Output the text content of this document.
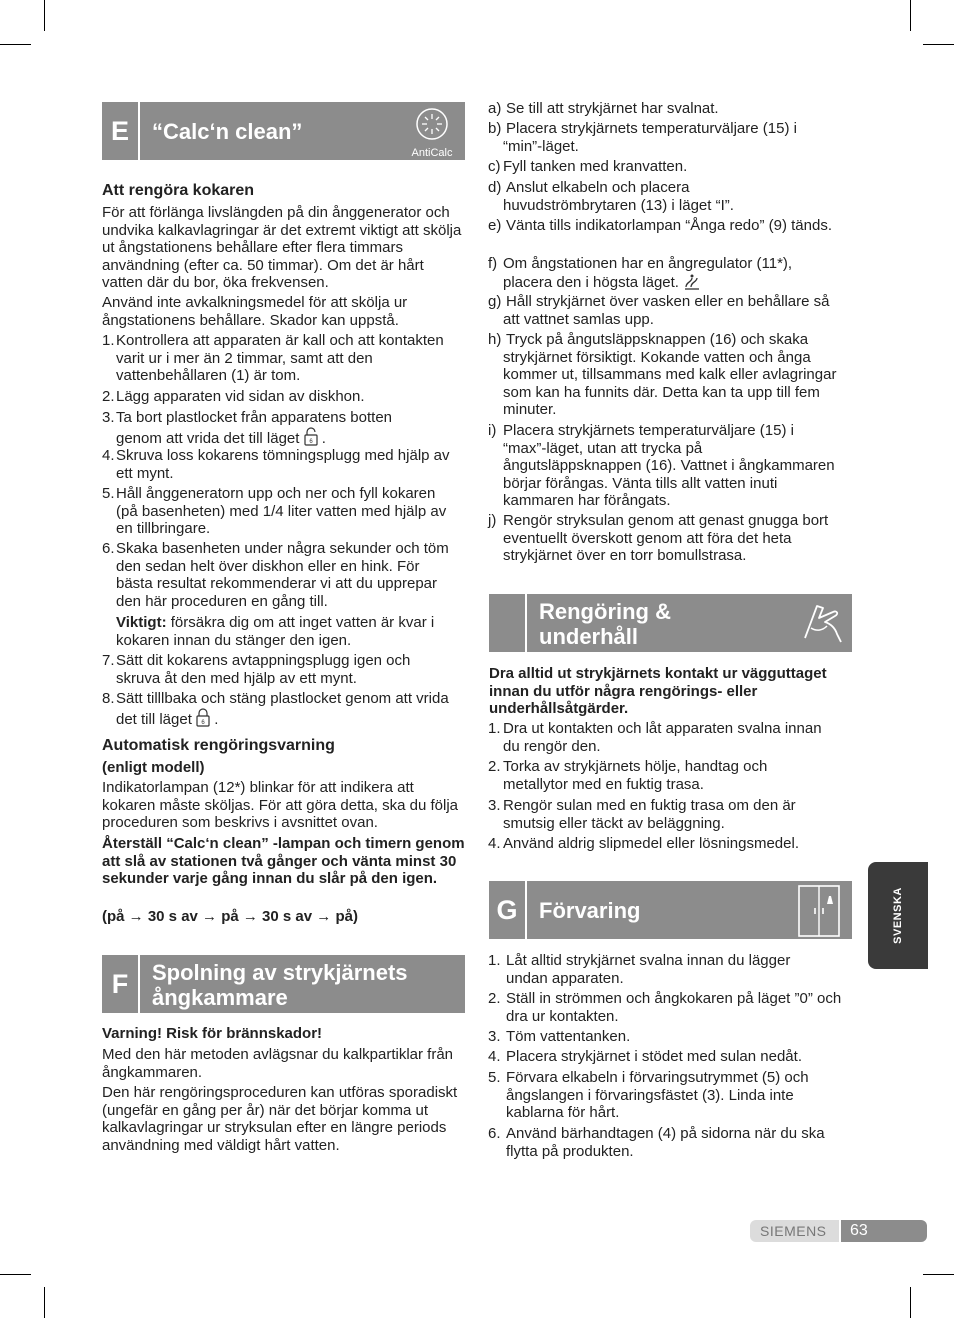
E	“Calc‘n clean”
AntiCalc
Att rengöra kokaren
För att förlänga livslängden på din ånggenerator och undvika kalkavlagringar är det extremt viktigt att skölja ut ångstationens behållare efter flera timmars användning (efter ca. 50 timmar). Om det är hårt vatten där du bor, öka frekvensen.
Använd inte avkalkningsmedel för att skölja ur ångstationens behållare. Skador kan uppstå.
1. Kontrollera att apparaten är kall och att kontakten varit ur i mer än 2 timmar, samt att den vattenbehållaren (1) är tom.
2. Lägg apparaten vid sidan av diskhon.
3. Ta bort plastlocket från apparatens botten genom att vrida det till läget 6 .
4. Skruva loss kokarens tömningsplugg med hjälp av ett mynt.
5. Håll ånggeneratorn upp och ner och fyll kokaren (på basenheten) med 1/4 liter vatten med hjälp av en tillbringare.
6. Skaka basenheten under några sekunder och töm den sedan helt över diskhon eller en hink. För bästa resultat rekommenderar vi att du upprepar den här proceduren en gång till.
Viktigt: försäkra dig om att inget vatten är kvar i kokaren innan du stänger den igen.
7. Sätt dit kokarens avtappningsplugg igen och skruva åt den med hjälp av ett mynt.
8. Sätt tilllbaka och stäng plastlocket genom att vrida det till läget 6 .
Automatisk rengöringsvarning
(enligt modell)
Indikatorlampan (12*) blinkar för att indikera att kokaren måste sköljas. För att göra detta, ska du följa proceduren som beskrivs i avsnittet ovan.
Återställ “Calc‘n clean” -lampan och timern genom att slå av stationen två gånger och vänta minst 30 sekunder varje gång innan du slår på den igen.
(på → 30 s av → på → 30 s av → på)
F	Spolning av strykjärnets ångkammare
Varning! Risk för brännskador!
Med den här metoden avlägsnar du kalkpartiklar från ångkammaren.
Den här rengöringsproceduren kan utföras sporadiskt (ungefär en gång per år) när det börjar komma ut kalkavlagringar ur stryksulan efter en längre periods användning med väldigt hårt vatten.
a) Se till att strykjärnet har svalnat.
b) Placera strykjärnets temperaturväljare (15) i “min”-läget.
c) Fyll tanken med kranvatten.
d) Anslut elkabeln och placera huvudströmbrytaren (13) i läget “I”.
e) Vänta tills indikatorlampan “Ånga redo” (9) tänds.
f) Om ångstationen har en ångregulator (11*), placera den i högsta läget.
g) Håll strykjärnet över vasken eller en behållare så att vattnet samlas upp.
h) Tryck på ångutsläppsknappen (16) och skaka strykjärnet försiktigt. Kokande vatten och ånga kommer ut, tillsammans med kalk eller avlagringar som kan ha funnits där. Detta kan ta upp till fem minuter.
i) Placera strykjärnets temperaturväljare (15) i “max”-läget, utan att trycka på ångutsläppsknappen (16). Vattnet i ångkammaren börjar förångas. Vänta tills allt vatten inuti kammaren har förångats.
j) Rengör stryksulan genom att genast gnugga bort eventuellt överskott genom att föra det heta strykjärnet över en torr bomullstrasa.
Rengöring & underhåll
Dra alltid ut strykjärnets kontakt ur vägguttaget innan du utför några rengörings- eller underhållsåtgärder.
1. Dra ut kontakten och låt apparaten svalna innan du rengör den.
2. Torka av strykjärnets hölje, handtag och metallytor med en fuktig trasa.
3. Rengör sulan med en fuktig trasa om den är smutsig eller täckt av beläggning.
4. Använd aldrig slipmedel eller lösningsmedel.
G Förvaring
1. Låt alltid strykjärnet svalna innan du lägger undan apparaten.
2. Ställ in strömmen och ångkokaren på läget ”0” och dra ur kontakten.
3. Töm vattentanken.
4. Placera strykjärnet i stödet med sulan nedåt.
5. Förvara elkabeln i förvaringsutrymmet (5) och ångslangen i förvaringsfästet (3). Linda inte kablarna för hårt.
6. Använd bärhandtagen (4) på sidorna när du ska flytta på produkten.
SVENSKA
SIEMENS 63
